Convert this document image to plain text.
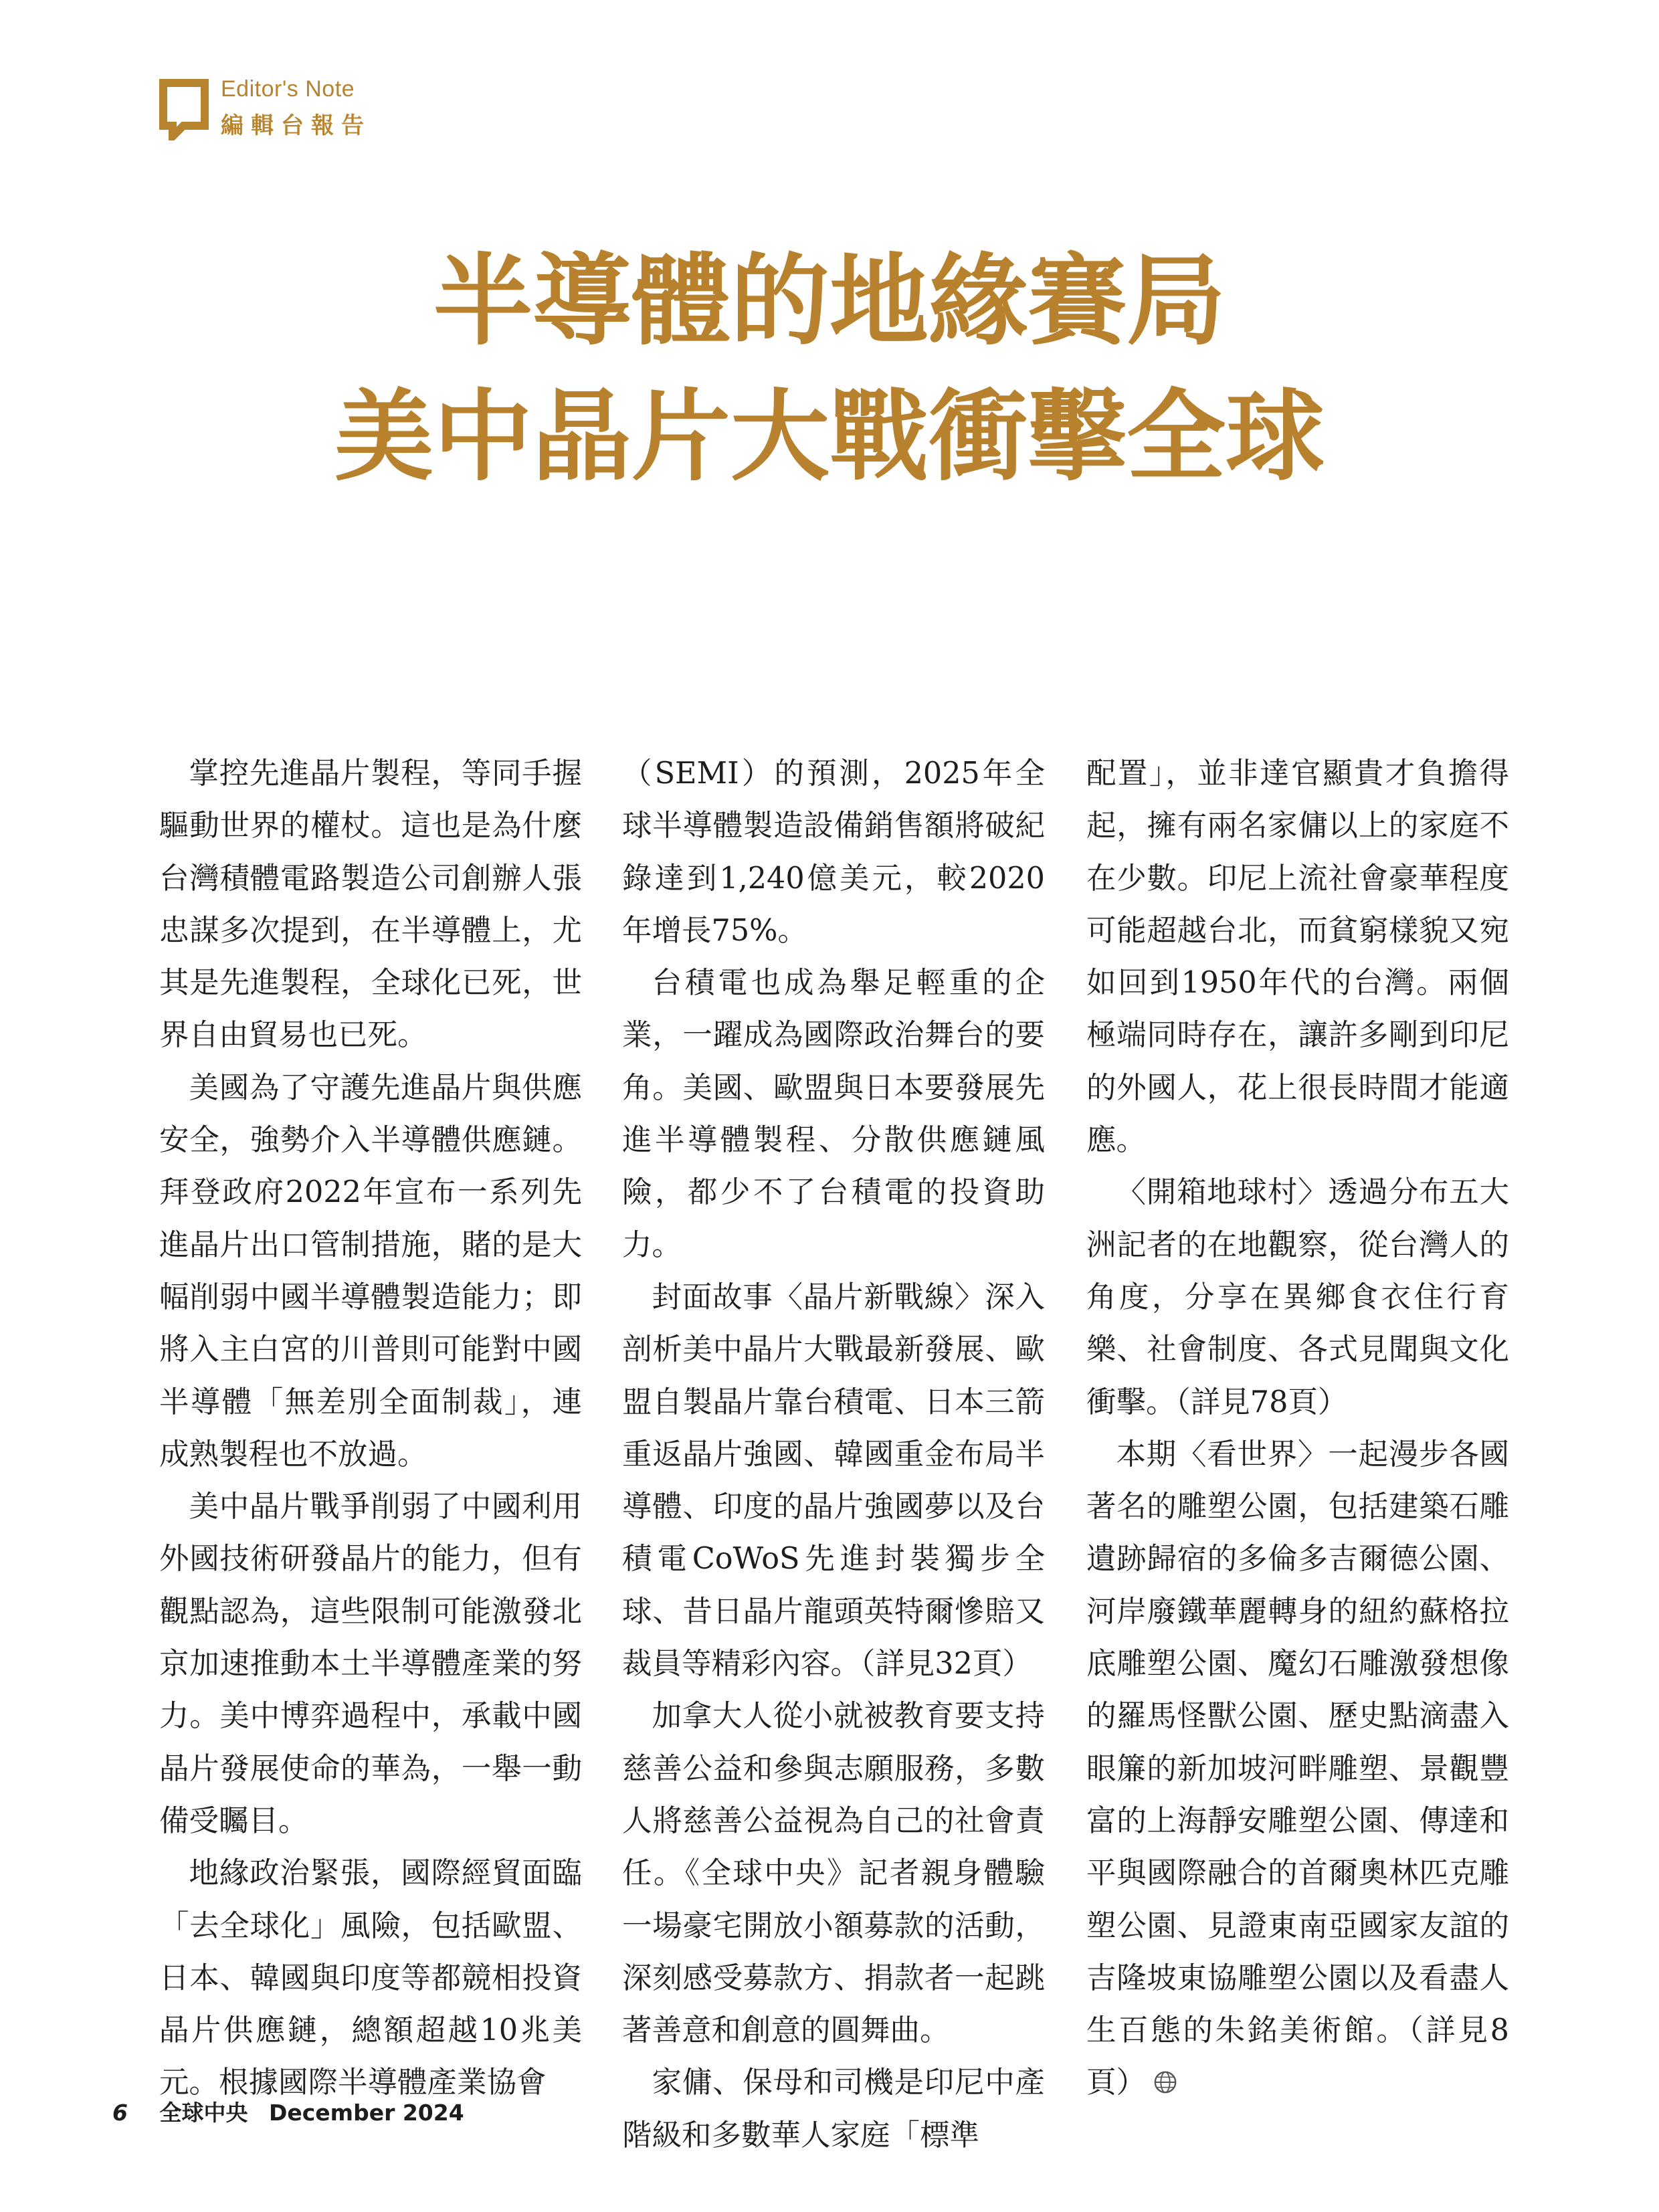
Editor's Note
編輯台報告
半導體的地緣賽局
美中晶片大戰衝擊全球

掌控先進晶片製程，等同手握驅動世界的權杖。這也是為什麼台灣積體電路製造公司創辦人張忠謀多次提到，在半導體上，尤其是先進製程，全球化已死，世界自由貿易也已死。

美國為了守護先進晶片與供應安全，強勢介入半導體供應鏈。拜登政府2022年宣布一系列先進晶片出口管制措施，賭的是大幅削弱中國半導體製造能力；即將入主白宮的川普則可能對中國半導體「無差別全面制裁」，連成熟製程也不放過。

美中晶片戰爭削弱了中國利用外國技術研發晶片的能力，但有觀點認為，這些限制可能激發北京加速推動本土半導體產業的努力。美中博弈過程中，承載中國晶片發展使命的華為，一舉一動備受矚目。

地緣政治緊張，國際經貿面臨「去全球化」風險，包括歐盟、日本、韓國與印度等都競相投資晶片供應鏈，總額超越10兆美元。根據國際半導體產業協會

（SEMI）的預測，2025年全球半導體製造設備銷售額將破紀錄達到1,240億美元，較2020年增長75%。

台積電也成為舉足輕重的企業，一躍成為國際政治舞台的要角。美國、歐盟與日本要發展先進半導體製程、分散供應鏈風險，都少不了台積電的投資助力。

封面故事〈晶片新戰線〉深入剖析美中晶片大戰最新發展、歐盟自製晶片靠台積電、日本三箭重返晶片強國、韓國重金布局半導體、印度的晶片強國夢以及台積電CoWoS先進封裝獨步全球、昔日晶片龍頭英特爾慘賠又裁員等精彩內容。（詳見32頁）

加拿大人從小就被教育要支持慈善公益和參與志願服務，多數人將慈善公益視為自己的社會責任。《全球中央》記者親身體驗一場豪宅開放小額募款的活動，深刻感受募款方、捐款者一起跳著善意和創意的圓舞曲。

家傭、保母和司機是印尼中產階級和多數華人家庭「標準

配置」，並非達官顯貴才負擔得起，擁有兩名家傭以上的家庭不在少數。印尼上流社會豪華程度可能超越台北，而貧窮樣貌又宛如回到1950年代的台灣。兩個極端同時存在，讓許多剛到印尼的外國人，花上很長時間才能適應。

〈開箱地球村〉透過分布五大洲記者的在地觀察，從台灣人的角度，分享在異鄉食衣住行育樂、社會制度、各式見聞與文化衝擊。（詳見78頁）

本期〈看世界〉一起漫步各國著名的雕塑公園，包括建築石雕遺跡歸宿的多倫多吉爾德公園、河岸廢鐵華麗轉身的紐約蘇格拉底雕塑公園、魔幻石雕激發想像的羅馬怪獸公園、歷史點滴盡入眼簾的新加坡河畔雕塑、景觀豐富的上海靜安雕塑公園、傳達和平與國際融合的首爾奧林匹克雕塑公園、見證東南亞國家友誼的吉隆坡東協雕塑公園以及看盡人生百態的朱銘美術館。（詳見8頁）

6 全球中央 December 2024
